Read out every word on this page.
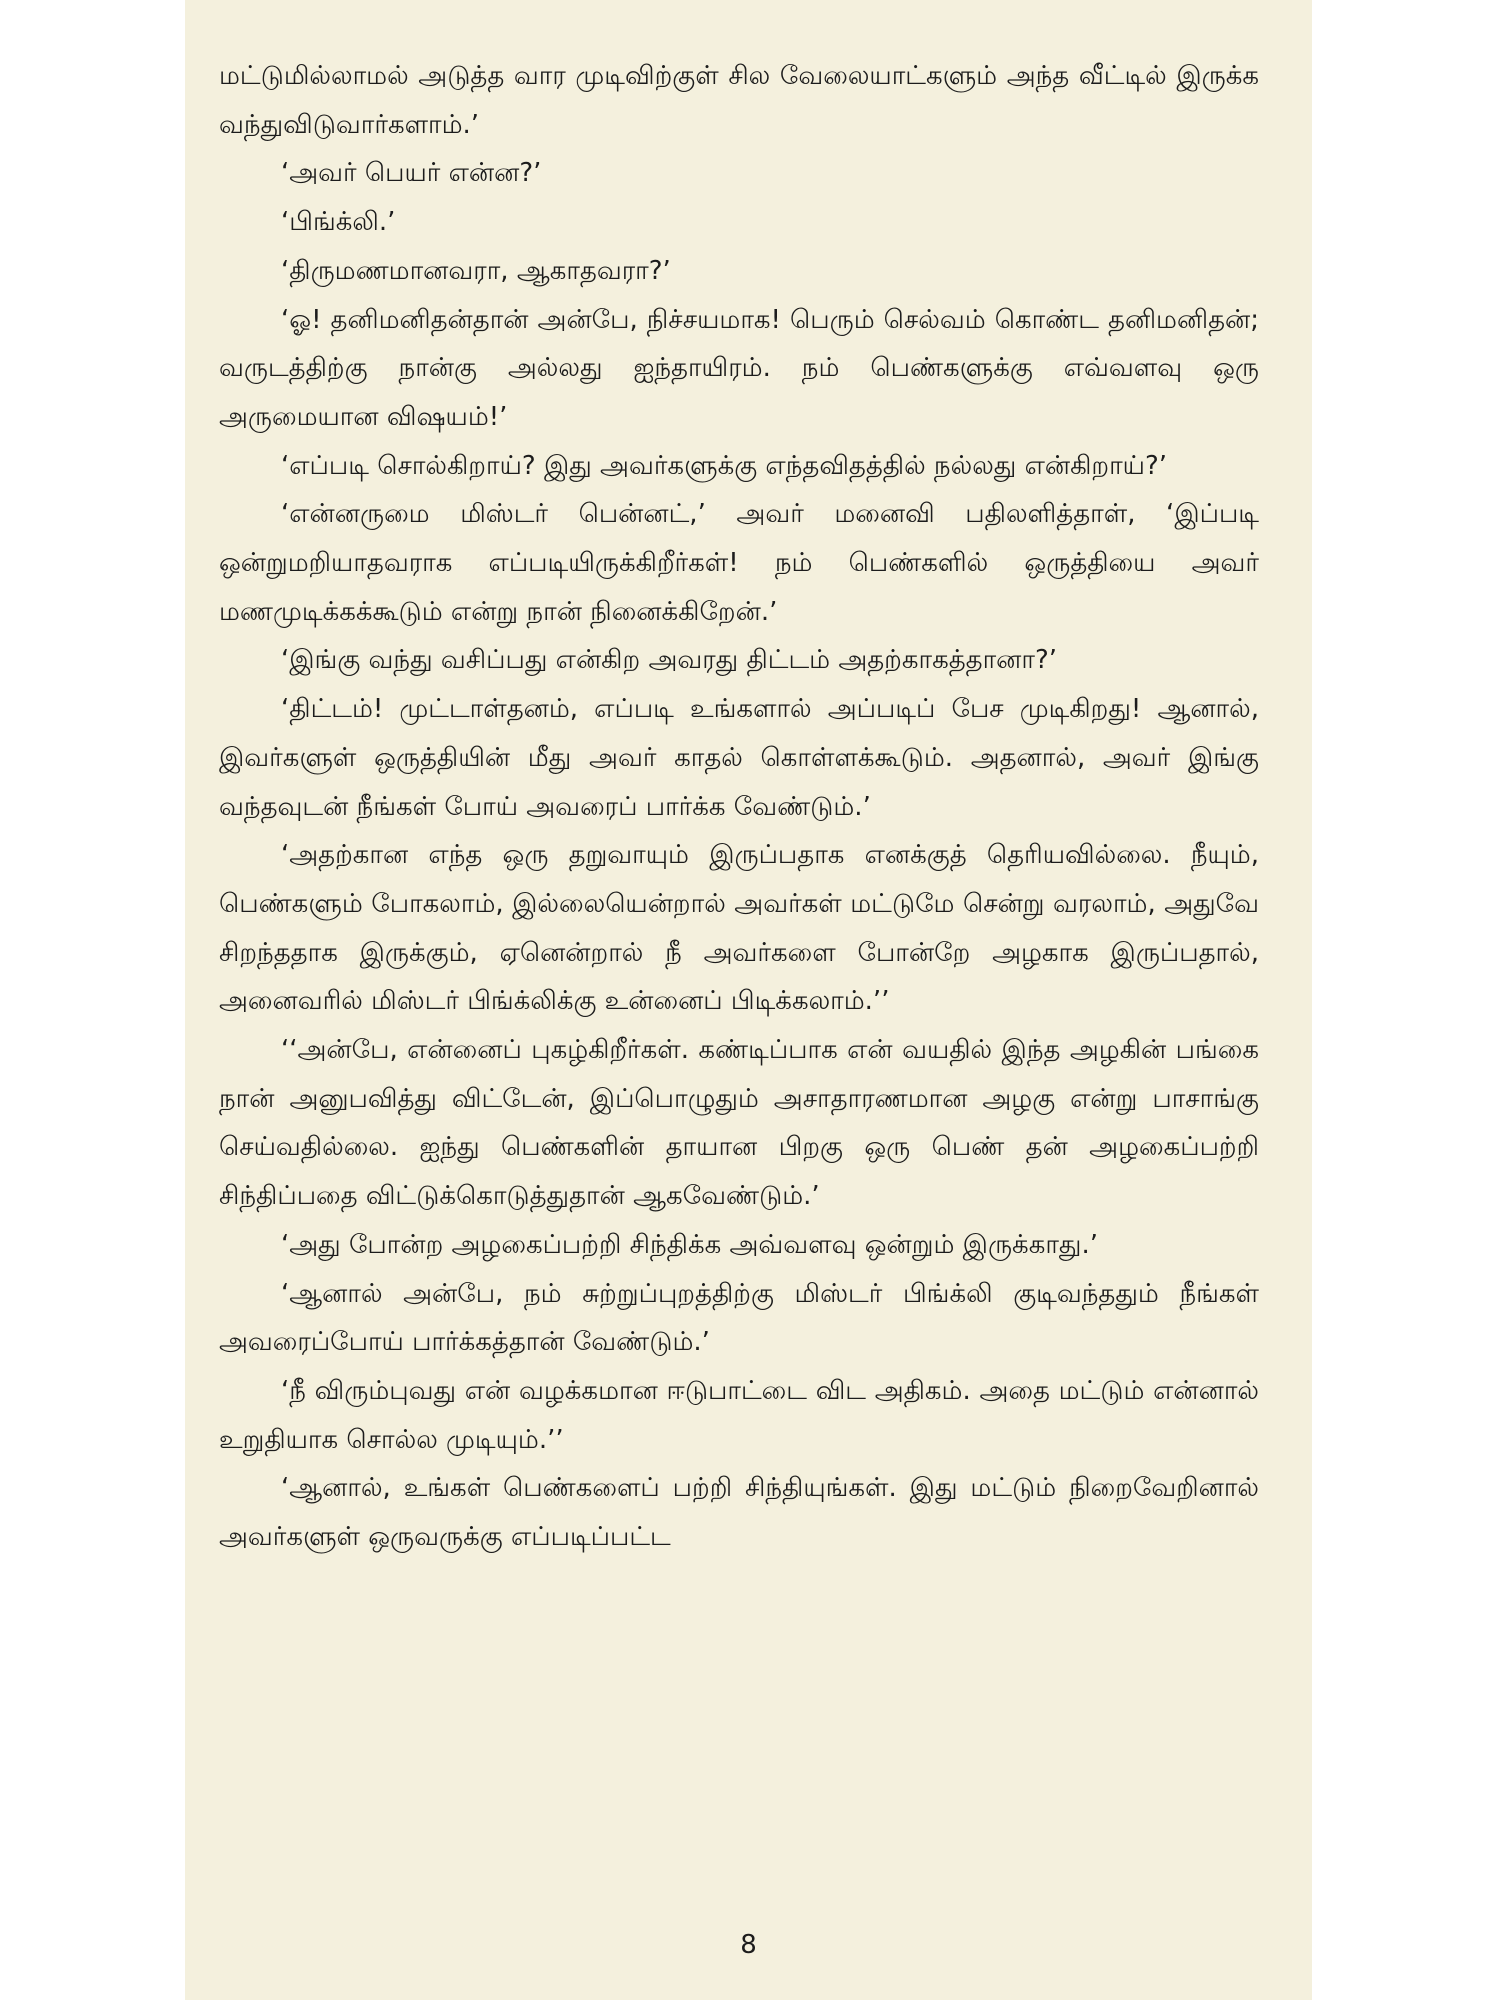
மட்டுமில்லாமல் அடுத்த வார முடிவிற்குள் சில வேலையாட்களும் அந்த வீட்டில் இருக்க வந்துவிடுவார்களாம்.’
‘அவர் பெயர் என்ன?’
‘பிங்க்லி.’
‘திருமணமானவரா, ஆகாதவரா?’
‘ஓ! தனிமனிதன்தான் அன்பே, நிச்சயமாக! பெரும் செல்வம் கொண்ட தனிமனிதன்; வருடத்திற்கு நான்கு அல்லது ஐந்தாயிரம். நம் பெண்களுக்கு எவ்வளவு ஒரு அருமையான விஷயம்!’
‘எப்படி சொல்கிறாய்? இது அவர்களுக்கு எந்தவிதத்தில் நல்லது என்கிறாய்?’
‘என்னருமை மிஸ்டர் பென்னட்,’ அவர் மனைவி பதிலளித்தாள், ‘இப்படி ஒன்றுமறியாதவராக எப்படியிருக்கிறீர்கள்! நம் பெண்களில் ஒருத்தியை அவர் மணமுடிக்கக்கூடும் என்று நான் நினைக்கிறேன்.’
‘இங்கு வந்து வசிப்பது என்கிற அவரது திட்டம் அதற்காகத்தானா?’
‘திட்டம்! முட்டாள்தனம், எப்படி உங்களால் அப்படிப் பேச முடிகிறது! ஆனால், இவர்களுள் ஒருத்தியின் மீது அவர் காதல் கொள்ளக்கூடும். அதனால், அவர் இங்கு வந்தவுடன் நீங்கள் போய் அவரைப் பார்க்க வேண்டும்.’
‘அதற்கான எந்த ஒரு தறுவாயும் இருப்பதாக எனக்குத் தெரியவில்லை. நீயும், பெண்களும் போகலாம், இல்லையென்றால் அவர்கள் மட்டுமே சென்று வரலாம், அதுவே சிறந்ததாக இருக்கும், ஏனென்றால் நீ அவர்களை போன்றே அழகாக இருப்பதால், அனைவரில் மிஸ்டர் பிங்க்லிக்கு உன்னைப் பிடிக்கலாம்.’’
‘‘அன்பே, என்னைப் புகழ்கிறீர்கள். கண்டிப்பாக என் வயதில் இந்த அழகின் பங்கை நான் அனுபவித்து விட்டேன், இப்பொழுதும் அசாதாரணமான அழகு என்று பாசாங்கு செய்வதில்லை. ஐந்து பெண்களின் தாயான பிறகு ஒரு பெண் தன் அழகைப்பற்றி சிந்திப்பதை விட்டுக்கொடுத்துதான் ஆகவேண்டும்.’
‘அது போன்ற அழகைப்பற்றி சிந்திக்க அவ்வளவு ஒன்றும் இருக்காது.’
‘ஆனால் அன்பே, நம் சுற்றுப்புறத்திற்கு மிஸ்டர் பிங்க்லி குடிவந்ததும் நீங்கள் அவரைப்போய் பார்க்கத்தான் வேண்டும்.’
‘நீ விரும்புவது என் வழக்கமான ஈடுபாட்டை விட அதிகம். அதை மட்டும் என்னால் உறுதியாக சொல்ல முடியும்.’’
‘ஆனால், உங்கள் பெண்களைப் பற்றி சிந்தியுங்கள். இது மட்டும் நிறைவேறினால் அவர்களுள் ஒருவருக்கு எப்படிப்பட்ட
8
